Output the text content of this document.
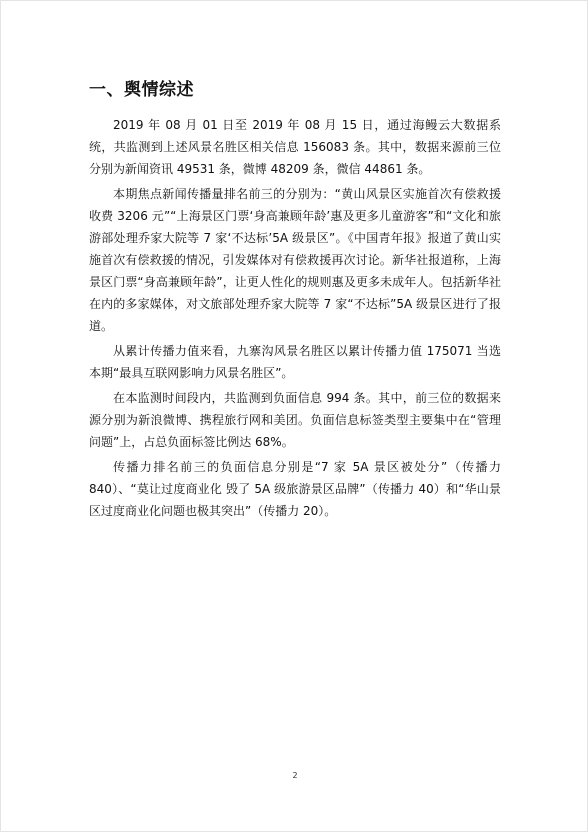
一、舆情综述

2019 年 08 月 01 日至 2019 年 08 月 15 日，通过海鳗云大数据系统，共监测到上述风景名胜区相关信息 156083 条。其中，数据来源前三位分别为新闻资讯 49531 条，微博 48209 条，微信 44861 条。

本期焦点新闻传播量排名前三的分别为：“黄山风景区实施首次有偿救援 收费 3206 元”“上海景区门票‘身高兼顾年龄’惠及更多儿童游客”和“文化和旅游部处理乔家大院等 7 家‘不达标’5A 级景区”。《中国青年报》报道了黄山实施首次有偿救援的情况，引发媒体对有偿救援再次讨论。新华社报道称，上海景区门票“身高兼顾年龄”，让更人性化的规则惠及更多未成年人。包括新华社在内的多家媒体，对文旅部处理乔家大院等 7 家“不达标”5A 级景区进行了报道。

从累计传播力值来看，九寨沟风景名胜区以累计传播力值 175071 当选本期“最具互联网影响力风景名胜区”。

在本监测时间段内，共监测到负面信息 994 条。其中，前三位的数据来源分别为新浪微博、携程旅行网和美团。负面信息标签类型主要集中在“管理问题”上，占总负面标签比例达 68%。

传播力排名前三的负面信息分别是“7 家 5A 景区被处分”（传播力 840）、“莫让过度商业化 毁了 5A 级旅游景区品牌”（传播力 40）和“华山景区过度商业化问题也极其突出”（传播力 20）。

2
